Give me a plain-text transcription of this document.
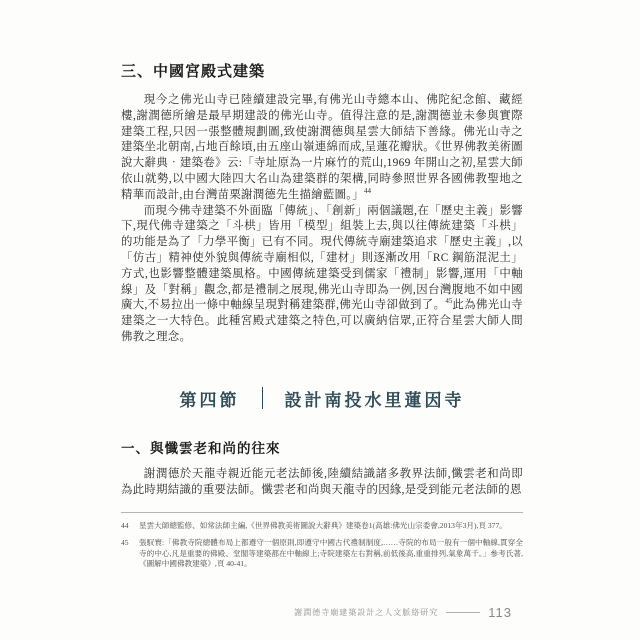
三、中國宮殿式建築

現今之佛光山寺已陸續建設完畢,有佛光山寺總本山、佛陀紀念館、藏經樓,謝潤德所繪是最早期建設的佛光山寺。值得注意的是,謝潤德並未參與實際建築工程,只因一張整體規劃圖,致使謝潤德與星雲大師結下善緣。佛光山寺之建築坐北朝南,占地百餘頃,由五座山嶺連綿而成,呈蓮花瓣狀。《世界佛教美術圖說大辭典‧建築卷》云:「寺址原為一片麻竹的荒山,1969 年開山之初,星雲大師依山就勢,以中國大陸四大名山為建築群的架構,同時參照世界各國佛教聖地之精華而設計,由台灣苗栗謝潤德先生描繪藍圖。」$^{44}$

而現今佛寺建築不外面臨「傳統」、「創新」兩個議題,在「歷史主義」影響下,現代佛寺建築之「斗栱」皆用「模型」組裝上去,與以往傳統建築「斗栱」的功能是為了「力學平衡」已有不同。現代傳統寺廟建築追求「歷史主義」,以「仿古」精神使外貌與傳統寺廟相似,「建材」則逐漸改用「RC 鋼筋混泥土」方式,也影響整體建築風格。中國傳統建築受到儒家「禮制」影響,運用「中軸線」及「對稱」觀念,都是禮制之展現,佛光山寺即為一例,因台灣腹地不如中國廣大,不易拉出一條中軸線呈現對稱建築群,佛光山寺卻做到了。$^{45}$此為佛光山寺建築之一大特色。此種宮殿式建築之特色,可以廣納信眾,正符合星雲大師人間佛教之理念。

第四節	設計南投水里蓮因寺
一、與懺雲老和尚的往來

謝潤德於天龍寺親近能元老法師後,陸續結識諸多教界法師,懺雲老和尚即為此時期結識的重要法師。懺雲老和尚與天龍寺的因緣,是受到能元老法師的恩

44	星雲大師總監修、如常法師主編,《世界佛教美術圖說大辭典》建築卷1(高雄:佛光山宗委會,2013年3月),頁 377。
45	張馭寰:「佛教寺院總體布局上都遵守一個原則,即遵守中國古代禮制制度,……寺院的布局一般有一個中軸線,貫穿全寺的中心,凡是重要的佛殿、堂閣等建築都在中軸線上;寺院建築左右對稱,前低後高,重重排列,氣象萬千。」參考氏著,《圖解中國佛教建築》,頁 40-41。
謝潤德寺廟建築設計之人文脈絡研究	113
